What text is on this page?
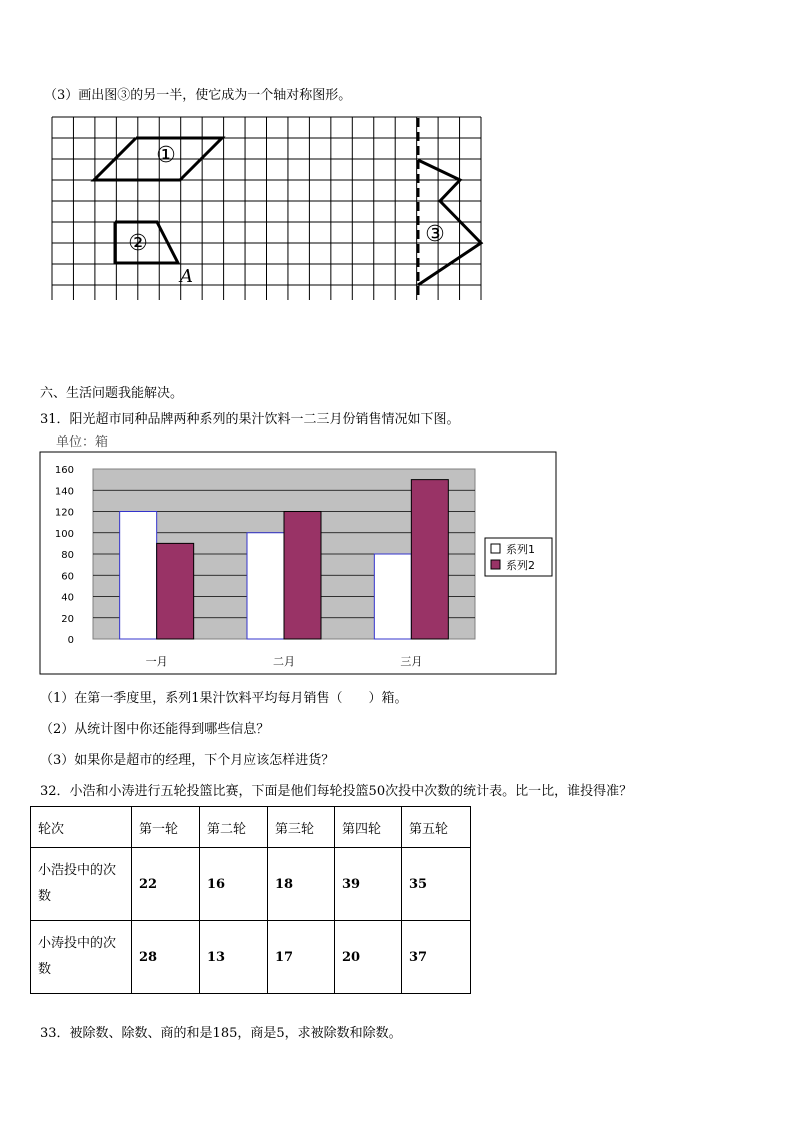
（3）画出图③的另一半，使它成为一个轴对称图形。
①
②
A
③
六、生活问题我能解决。
31．阳光超市同种品牌两种系列的果汁饮料一二三月份销售情况如下图。
单位：箱
0
20
40
60
80
100
120
140
160
一月	二月	三月
系列1
系列2
（1）在第一季度里，系列1果汁饮料平均每月销售（　　）箱。
（2）从统计图中你还能得到哪些信息？
（3）如果你是超市的经理，下个月应该怎样进货？
32．小浩和小涛进行五轮投篮比赛，下面是他们每轮投篮50次投中次数的统计表。比一比，谁投得准？
轮次	第一轮	第二轮	第三轮	第四轮	第五轮
小浩投中的次
数	22	16	18	39	35
小涛投中的次
数	28	13	17	20	37
33．被除数、除数、商的和是185，商是5，求被除数和除数。
